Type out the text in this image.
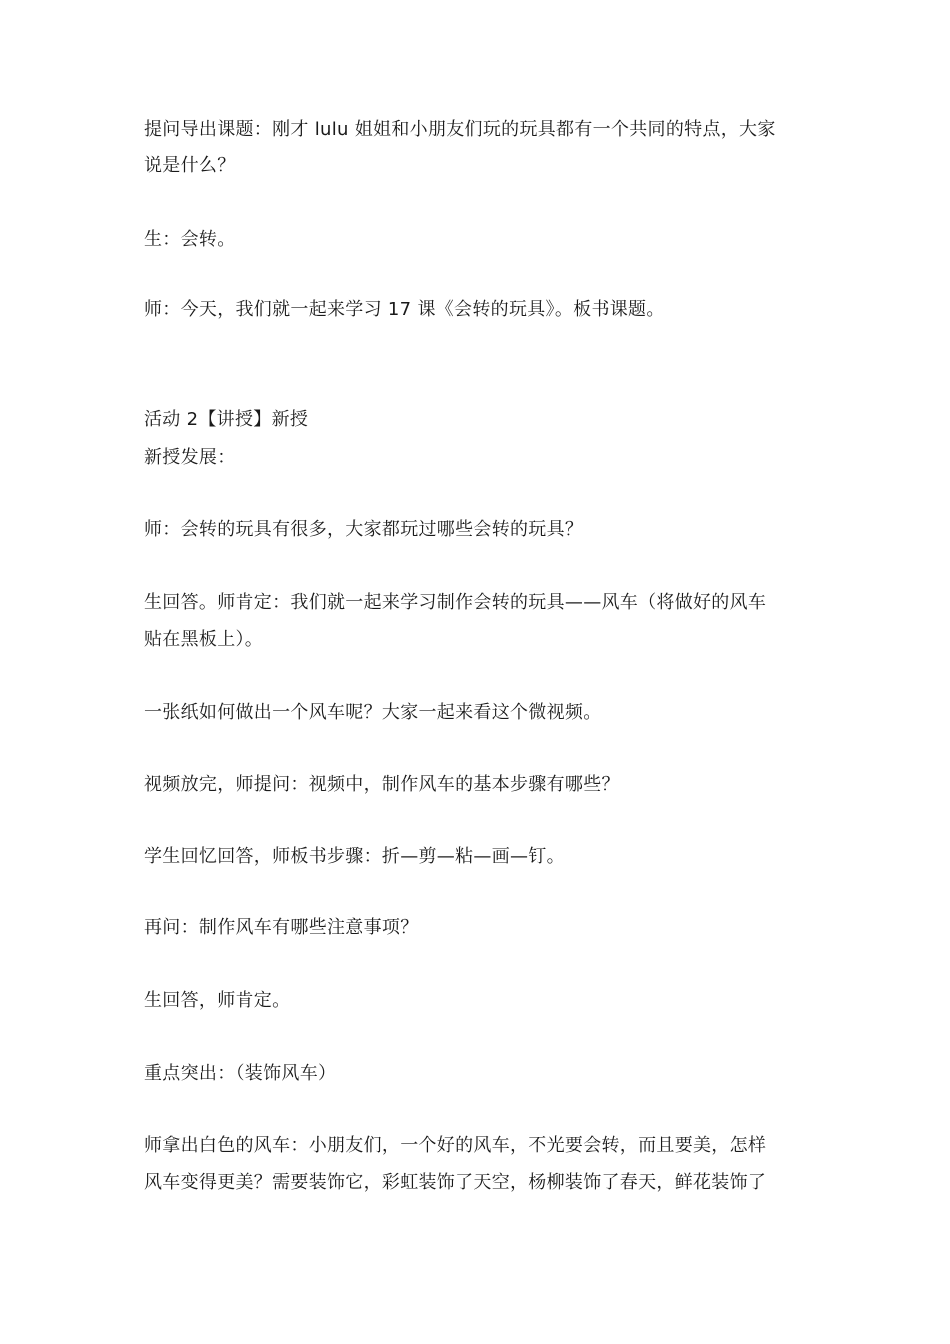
提问导出课题：刚才 lulu 姐姐和小朋友们玩的玩具都有一个共同的特点，大家
说是什么？
生：会转。
师：今天，我们就一起来学习 17 课《会转的玩具》。板书课题。
活动 2【讲授】新授
新授发展：
师：会转的玩具有很多，大家都玩过哪些会转的玩具？
生回答。师肯定：我们就一起来学习制作会转的玩具——风车（将做好的风车
贴在黑板上）。
一张纸如何做出一个风车呢？大家一起来看这个微视频。
视频放完，师提问：视频中，制作风车的基本步骤有哪些？
学生回忆回答，师板书步骤：折—剪—粘—画—钉。
再问：制作风车有哪些注意事项？
生回答，师肯定。
重点突出：（装饰风车）
师拿出白色的风车：小朋友们，一个好的风车，不光要会转，而且要美，怎样
风车变得更美？需要装饰它，彩虹装饰了天空，杨柳装饰了春天，鲜花装饰了
